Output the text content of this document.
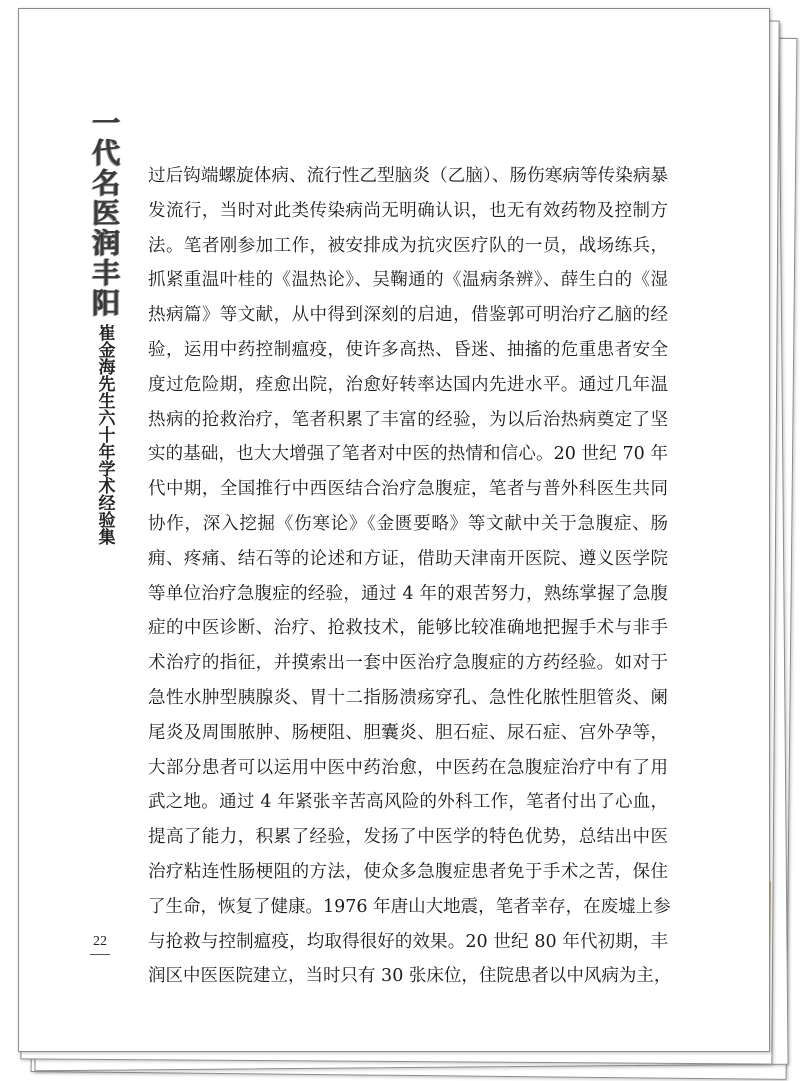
一代名医润丰阳
崔金海先生六十年学术经验集
22
过后钩端螺旋体病、流行性乙型脑炎（乙脑）、肠伤寒病等传染病暴
发流行，当时对此类传染病尚无明确认识，也无有效药物及控制方
法。笔者刚参加工作，被安排成为抗灾医疗队的一员，战场练兵，
抓紧重温叶桂的《温热论》、吴鞠通的《温病条辨》、薛生白的《湿
热病篇》等文献，从中得到深刻的启迪，借鉴郭可明治疗乙脑的经
验，运用中药控制瘟疫，使许多高热、昏迷、抽搐的危重患者安全
度过危险期，痊愈出院，治愈好转率达国内先进水平。通过几年温
热病的抢救治疗，笔者积累了丰富的经验，为以后治热病奠定了坚
实的基础，也大大增强了笔者对中医的热情和信心。20 世纪 70 年
代中期，全国推行中西医结合治疗急腹症，笔者与普外科医生共同
协作，深入挖掘《伤寒论》《金匮要略》等文献中关于急腹症、肠
痈、疼痛、结石等的论述和方证，借助天津南开医院、遵义医学院
等单位治疗急腹症的经验，通过 4 年的艰苦努力，熟练掌握了急腹
症的中医诊断、治疗、抢救技术，能够比较准确地把握手术与非手
术治疗的指征，并摸索出一套中医治疗急腹症的方药经验。如对于
急性水肿型胰腺炎、胃十二指肠溃疡穿孔、急性化脓性胆管炎、阑
尾炎及周围脓肿、肠梗阻、胆囊炎、胆石症、尿石症、宫外孕等，
大部分患者可以运用中医中药治愈，中医药在急腹症治疗中有了用
武之地。通过 4 年紧张辛苦高风险的外科工作，笔者付出了心血，
提高了能力，积累了经验，发扬了中医学的特色优势，总结出中医
治疗粘连性肠梗阻的方法，使众多急腹症患者免于手术之苦，保住
了生命，恢复了健康。1976 年唐山大地震，笔者幸存，在废墟上参
与抢救与控制瘟疫，均取得很好的效果。20 世纪 80 年代初期，丰
润区中医医院建立，当时只有 30 张床位，住院患者以中风病为主，
